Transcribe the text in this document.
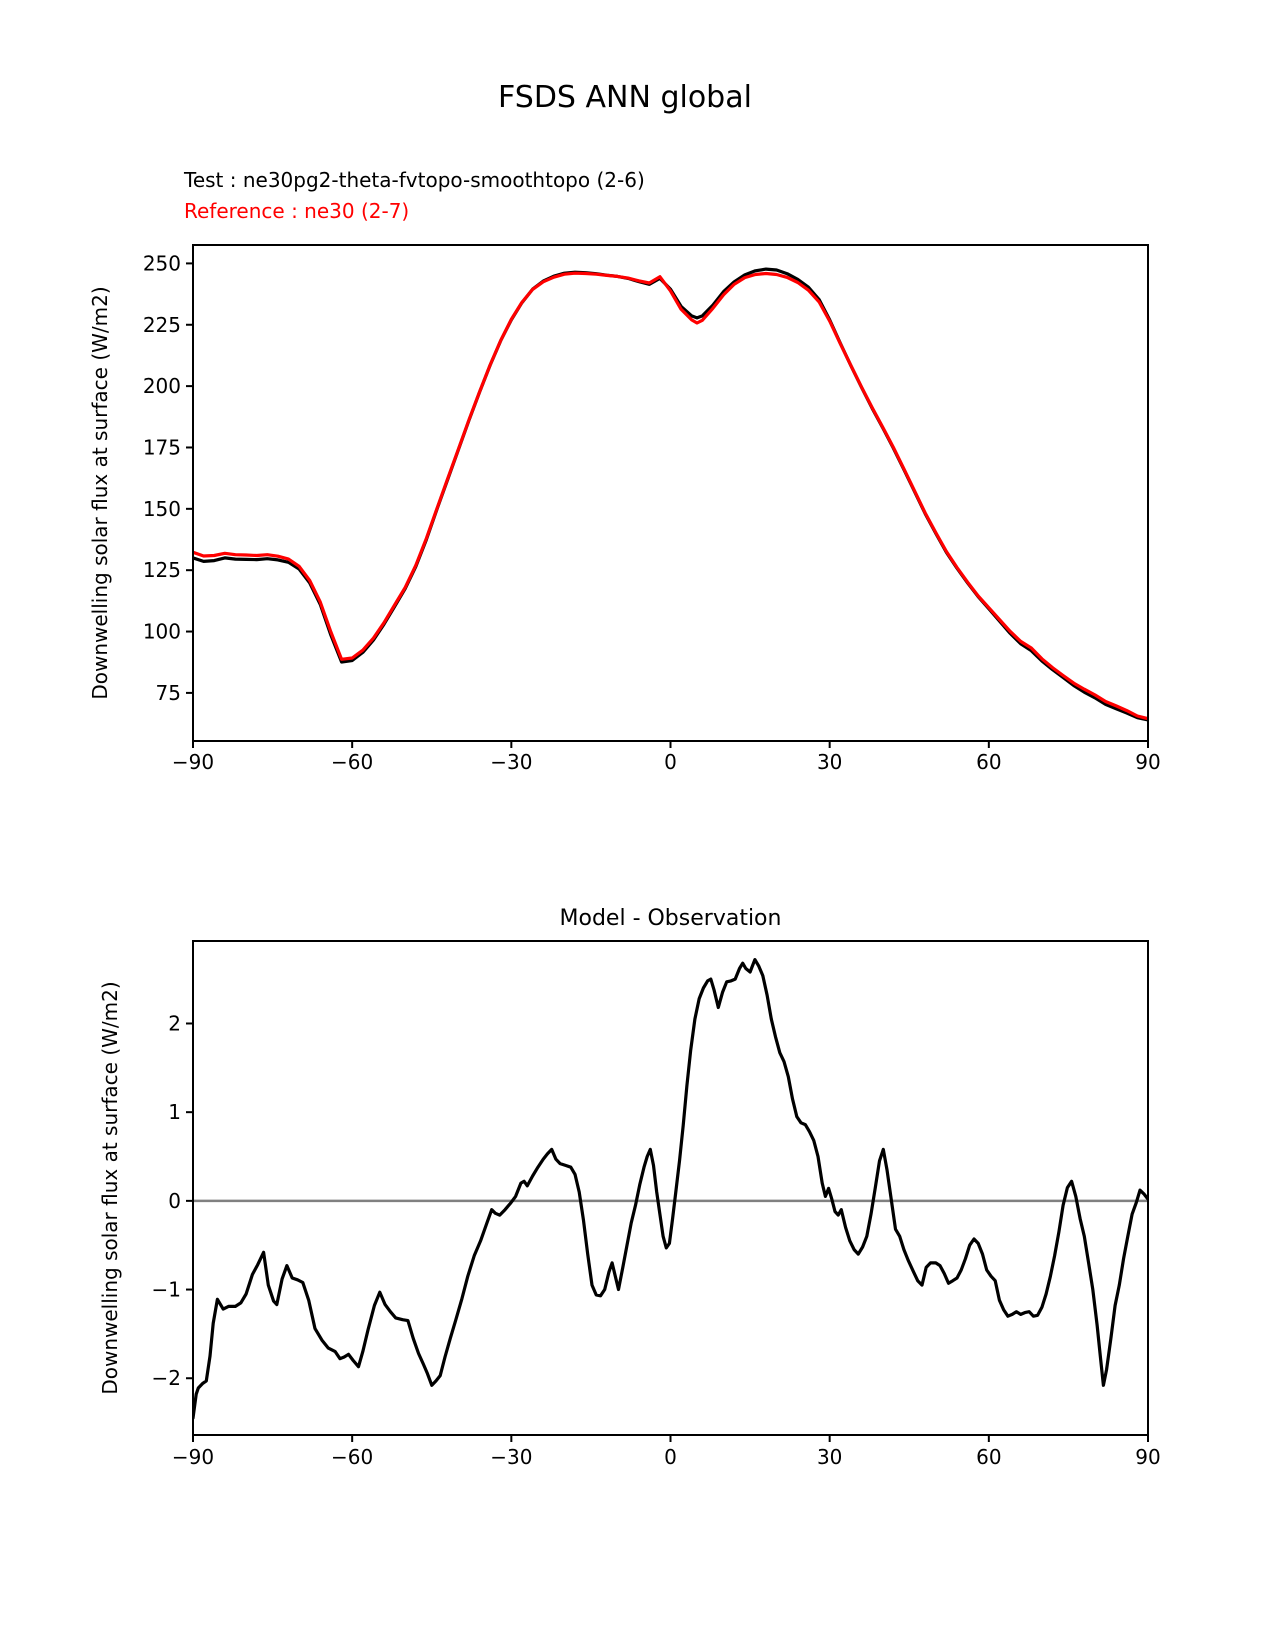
−90	−60	−30	0	30	60	90
75
100
125
150
175
200
225
250
Downwelling solar flux at surface (W/m2)
−90	−60	−30	0	30	60	90
−2
−1
0
1
2
Downwelling solar flux at surface (W/m2)
Model - Observation
FSDS ANN global
Test : ne30pg2-theta-fvtopo-smoothtopo (2-6)
Reference : ne30 (2-7)
